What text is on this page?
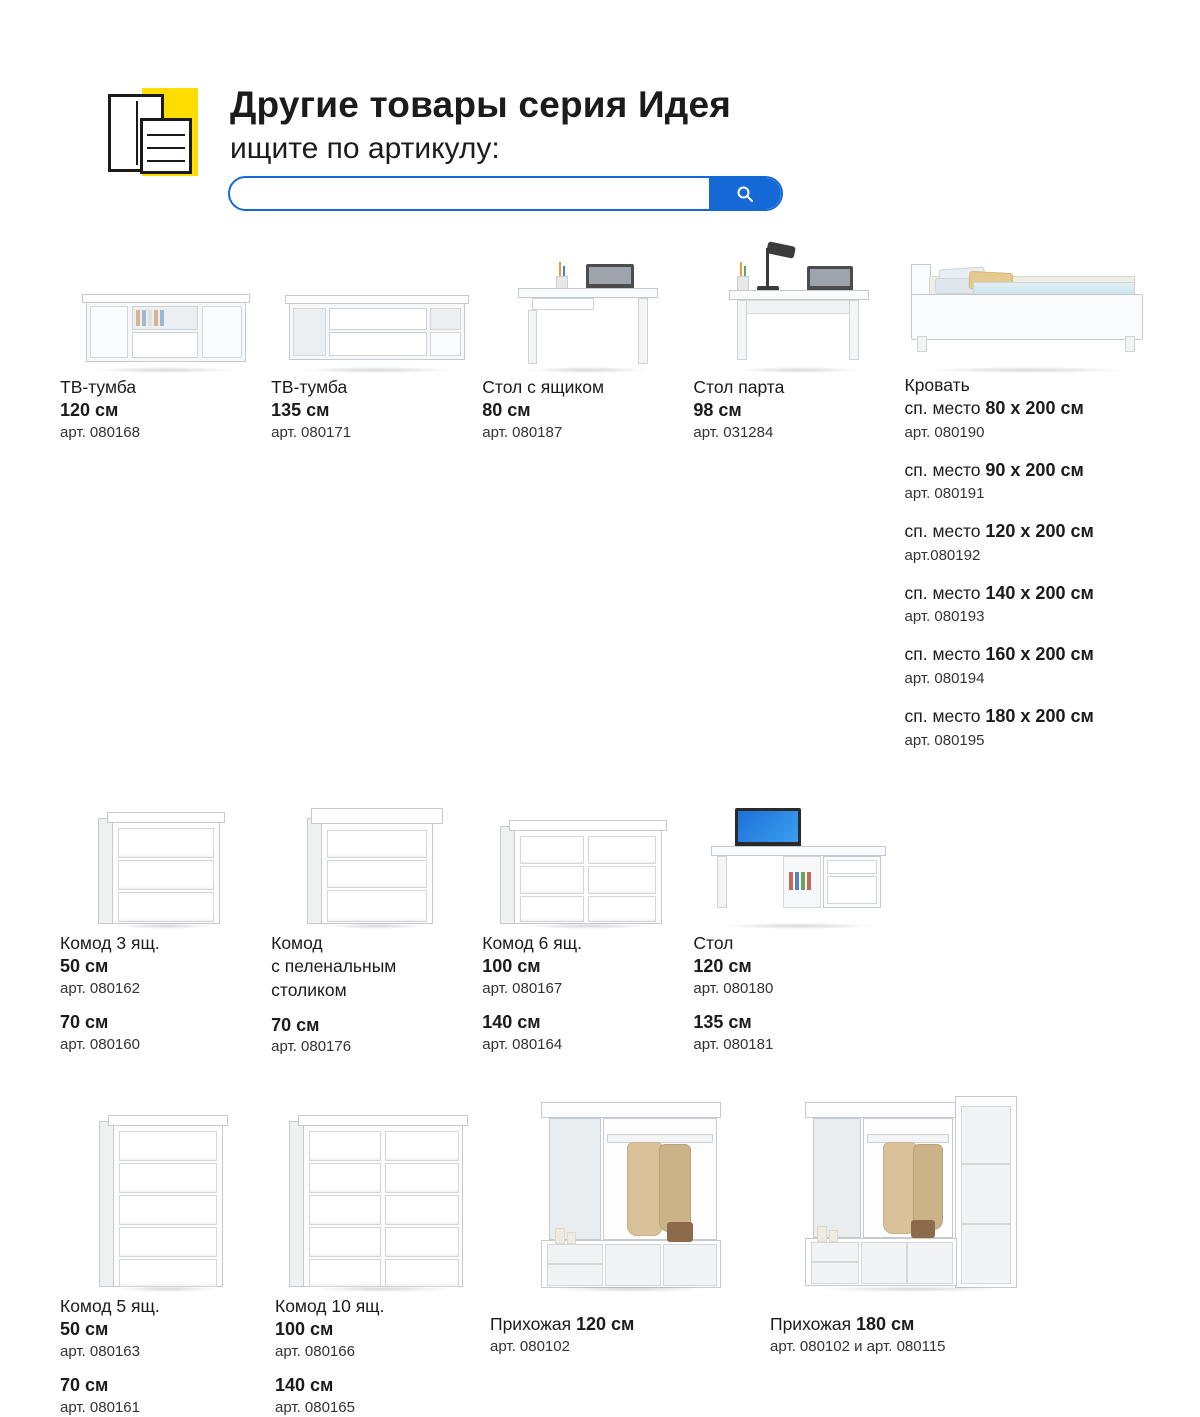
Другие товары серия Идея
ищите по артикулу:
ТВ-тумба
120 см
арт. 080168
ТВ-тумба
135 см
арт. 080171
Стол с ящиком
80 см
арт. 080187
Стол парта
98 см
арт. 031284
Кровать
сп. место 80 x 200 см
арт. 080190
сп. место 90 x 200 см
арт. 080191
сп. место 120 x 200 см
арт.080192
сп. место 140 x 200 см
арт. 080193
сп. место 160 x 200 см
арт. 080194
сп. место 180 x 200 см
арт. 080195
Комод 3 ящ.
50 см
арт. 080162
70 см
арт. 080160
Комод
с пеленальным
столиком
70 см
арт. 080176
Комод 6 ящ.
100 см
арт. 080167
140 см
арт. 080164
Стол
120 см
арт. 080180
135 см
арт. 080181
Комод 5 ящ.
50 см
арт. 080163
70 см
арт. 080161
Комод 10 ящ.
100 см
арт. 080166
140 см
арт. 080165
Прихожая 120 см
арт. 080102
Прихожая 180 см
арт. 080102 и арт. 080115
